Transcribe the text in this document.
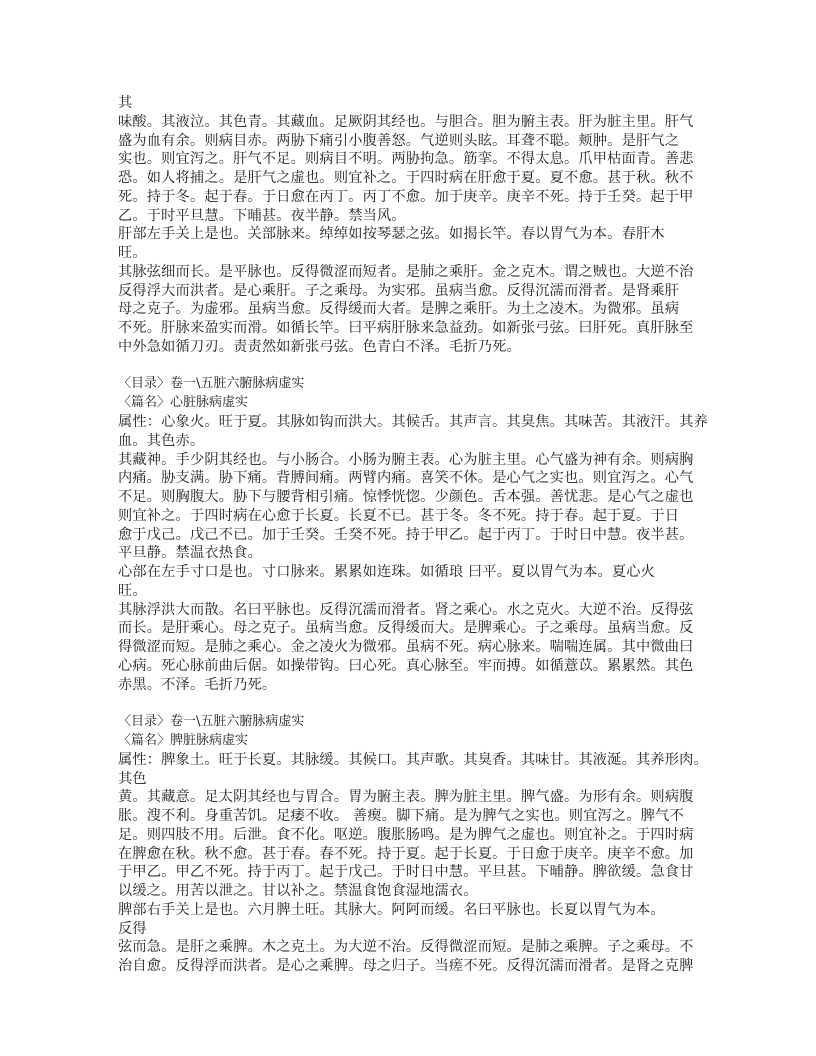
其
味酸。其液泣。其色青。其藏血。足厥阴其经也。与胆合。胆为腑主表。肝为脏主里。肝气
盛为血有余。则病目赤。两胁下痛引小腹善怒。气逆则头眩。耳聋不聪。颊肿。是肝气之
实也。则宜泻之。肝气不足。则病目不明。两胁拘急。筋挛。不得太息。爪甲枯面青。善悲
恐。如人将捕之。是肝气之虚也。则宜补之。于四时病在肝愈于夏。夏不愈。甚于秋。秋不
死。持于冬。起于春。于日愈在丙丁。丙丁不愈。加于庚辛。庚辛不死。持于壬癸。起于甲
乙。于时平旦慧。下晡甚。夜半静。禁当风。
肝部左手关上是也。关部脉来。绰绰如按琴瑟之弦。如揭长竿。春以胃气为本。春肝木
旺。
其脉弦细而长。是平脉也。反得微涩而短者。是肺之乘肝。金之克木。谓之贼也。大逆不治
反得浮大而洪者。是心乘肝。子之乘母。为实邪。虽病当愈。反得沉濡而滑者。是肾乘肝
母之克子。为虚邪。虽病当愈。反得缓而大者。是脾之乘肝。为土之凌木。为微邪。虽病
不死。肝脉来盈实而滑。如循长竿。曰平病肝脉来急益劲。如新张弓弦。曰肝死。真肝脉至
中外急如循刀刃。责责然如新张弓弦。色青白不泽。毛折乃死。
〈目录〉卷一\五脏六腑脉病虚实
〈篇名〉心脏脉病虚实
属性：心象火。旺于夏。其脉如钩而洪大。其候舌。其声言。其臭焦。其味苦。其液汗。其养
血。其色赤。
其藏神。手少阴其经也。与小肠合。小肠为腑主表。心为脏主里。心气盛为神有余。则病胸
内痛。胁支满。胁下痛。背膊间痛。两臂内痛。喜笑不休。是心气之实也。则宜泻之。心气
不足。则胸腹大。胁下与腰背相引痛。惊悸恍惚。少颜色。舌本强。善忧悲。是心气之虚也
则宜补之。于四时病在心愈于长夏。长夏不已。甚于冬。冬不死。持于春。起于夏。于日
愈于戊己。戊己不已。加于壬癸。壬癸不死。持于甲乙。起于丙丁。于时日中慧。夜半甚。
平旦静。禁温衣热食。
心部在左手寸口是也。寸口脉来。累累如连珠。如循琅 曰平。夏以胃气为本。夏心火
旺。
其脉浮洪大而散。名曰平脉也。反得沉濡而滑者。肾之乘心。水之克火。大逆不治。反得弦
而长。是肝乘心。母之克子。虽病当愈。反得缓而大。是脾乘心。子之乘母。虽病当愈。反
得微涩而短。是肺之乘心。金之凌火为微邪。虽病不死。病心脉来。喘喘连属。其中微曲曰
心病。死心脉前曲后倨。如操带钩。曰心死。真心脉至。牢而搏。如循薏苡。累累然。其色
赤黑。不泽。毛折乃死。
〈目录〉卷一\五脏六腑脉病虚实
〈篇名〉脾脏脉病虚实
属性：脾象土。旺于长夏。其脉缓。其候口。其声歌。其臭香。其味甘。其液涎。其养形肉。
其色
黄。其藏意。足太阴其经也与胃合。胃为腑主表。脾为脏主里。脾气盛。为形有余。则病腹
胀。溲不利。身重苦饥。足痿不收。 善瘈。脚下痛。是为脾气之实也。则宜泻之。脾气不
足。则四肢不用。后泄。食不化。呕逆。腹胀肠鸣。是为脾气之虚也。则宜补之。于四时病
在脾愈在秋。秋不愈。甚于春。春不死。持于夏。起于长夏。于日愈于庚辛。庚辛不愈。加
于甲乙。甲乙不死。持于丙丁。起于戊己。于时日中慧。平旦甚。下晡静。脾欲缓。急食甘
以缓之。用苦以泄之。甘以补之。禁温食饱食湿地濡衣。
脾部右手关上是也。六月脾土旺。其脉大。阿阿而缓。名曰平脉也。长夏以胃气为本。
反得
弦而急。是肝之乘脾。木之克土。为大逆不治。反得微涩而短。是肺之乘脾。子之乘母。不
治自愈。反得浮而洪者。是心之乘脾。母之归子。当瘥不死。反得沉濡而滑者。是肾之克脾
